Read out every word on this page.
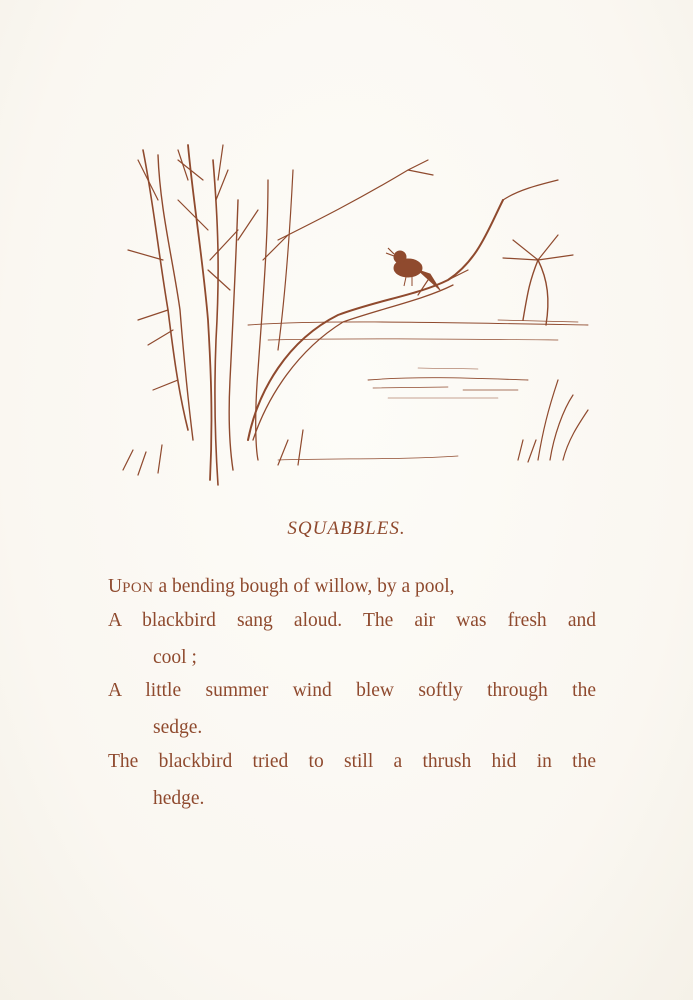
SQUABBLES.
UPON a bending bough of willow, by a pool,
A blackbird sang aloud. The air was fresh and
cool ;
A little summer wind blew softly through the
sedge.
The blackbird tried to still a thrush hid in the
hedge.
